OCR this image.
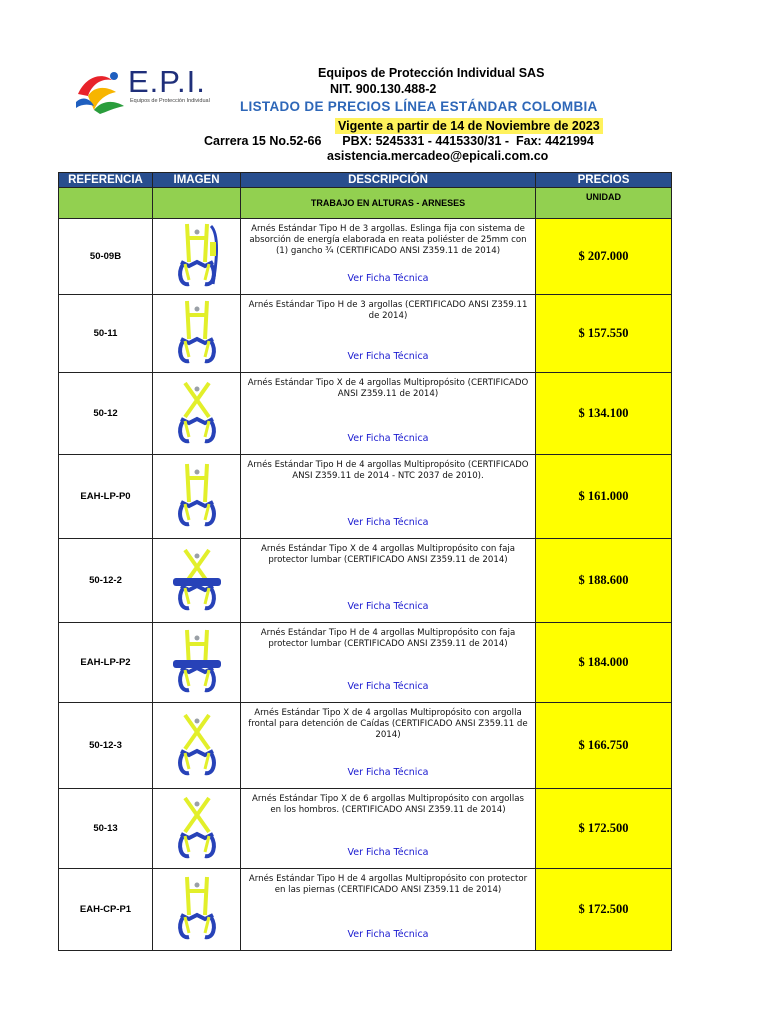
E.P.I.
Equipos de Protección Individual
Equipos de Protección Individual SAS
NIT. 900.130.488-2
LISTADO DE PRECIOS LÍNEA ESTÁNDAR COLOMBIA
Vigente a partir de 14 de Noviembre de 2023
Carrera 15 No.52-66      PBX: 5245331 - 4415330/31 -  Fax: 4421994
asistencia.mercadeo@epicali.com.co
REFERENCIA	IMAGEN	DESCRIPCIÓN	PRECIOS
		TRABAJO EN ALTURAS - ARNESES	UNIDAD
50-09B		Arnés Estándar Tipo H de 3 argollas. Eslinga fija con sistema de absorción de energía elaborada en reata poliéster de 25mm con (1) gancho ¾ (CERTIFICADO ANSI Z359.11 de 2014)
Ver Ficha Técnica	$ 207.000
50-11		Arnés Estándar Tipo H de 3 argollas (CERTIFICADO ANSI Z359.11 de 2014)
Ver Ficha Técnica	$ 157.550
50-12		Arnés Estándar Tipo X de 4 argollas Multipropósito (CERTIFICADO ANSI Z359.11 de 2014)
Ver Ficha Técnica	$ 134.100
EAH-LP-P0		Arnés Estándar Tipo H de 4 argollas Multipropósito (CERTIFICADO ANSI Z359.11 de 2014 - NTC 2037 de 2010).
Ver Ficha Técnica	$ 161.000
50-12-2		Arnés Estándar Tipo X de 4 argollas Multipropósito con faja protector lumbar (CERTIFICADO ANSI Z359.11 de 2014)
Ver Ficha Técnica	$ 188.600
EAH-LP-P2		Arnés Estándar Tipo H de 4 argollas Multipropósito con faja protector lumbar (CERTIFICADO ANSI Z359.11 de 2014)
Ver Ficha Técnica	$ 184.000
50-12-3		Arnés Estándar Tipo X de 4 argollas Multipropósito con argolla frontal para detención de Caídas (CERTIFICADO ANSI Z359.11 de 2014)
Ver Ficha Técnica	$ 166.750
50-13		Arnés Estándar Tipo X de 6 argollas Multipropósito con argollas en los hombros. (CERTIFICADO ANSI Z359.11 de 2014)
Ver Ficha Técnica	$ 172.500
EAH-CP-P1		Arnés Estándar Tipo H de 4 argollas Multipropósito con protector en las piernas (CERTIFICADO ANSI Z359.11 de 2014)
Ver Ficha Técnica	$ 172.500
